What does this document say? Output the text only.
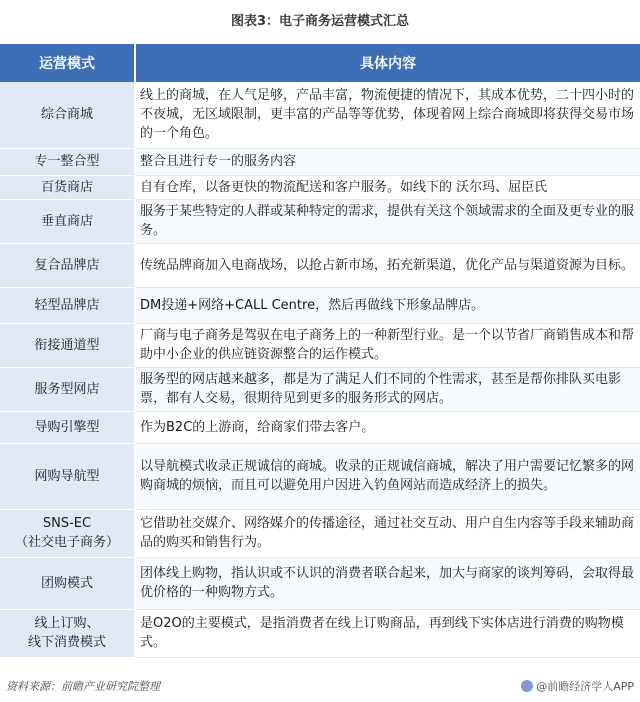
图表3：电子商务运营模式汇总
运营模式	具体内容
综合商城	线上的商城，在人气足够，产品丰富，物流便捷的情况下，其成本优势，二十四小时的不夜城，无区域限制，更丰富的产品等等优势，体现着网上综合商城即将获得交易市场的一个角色。
专一整合型	整合且进行专一的服务内容
百货商店	自有仓库，以备更快的物流配送和客户服务。如线下的 沃尔玛、屈臣氏
垂直商店	服务于某些特定的人群或某种特定的需求，提供有关这个领域需求的全面及更专业的服务。
复合品牌店	传统品牌商加入电商战场，以抢占新市场，拓充新渠道，优化产品与渠道资源为目标。
轻型品牌店	DM投递+网络+CALL Centre，然后再做线下形象品牌店。
衔接通道型	厂商与电子商务是驾驭在电子商务上的一种新型行业。是一个以节省厂商销售成本和帮助中小企业的供应链资源整合的运作模式。
服务型网店	服务型的网店越来越多，都是为了满足人们不同的个性需求，甚至是帮你排队买电影票，都有人交易，很期待见到更多的服务形式的网店。
导购引擎型	作为B2C的上游商，给商家们带去客户。
网购导航型	以导航模式收录正规诚信的商城。收录的正规诚信商城，解决了用户需要记忆繁多的网购商城的烦恼，而且可以避免用户因进入钓鱼网站而造成经济上的损失。
SNS-EC
（社交电子商务）	它借助社交媒介、网络媒介的传播途径，通过社交互动、用户自生内容等手段来辅助商品的购买和销售行为。
团购模式	团体线上购物，指认识或不认识的消费者联合起来，加大与商家的谈判筹码，会取得最优价格的一种购物方式。
线上订购、
线下消费模式	是O2O的主要模式，是指消费者在线上订购商品，再到线下实体店进行消费的购物模式。
资料来源：前瞻产业研究院整理	@前瞻经济学人APP
